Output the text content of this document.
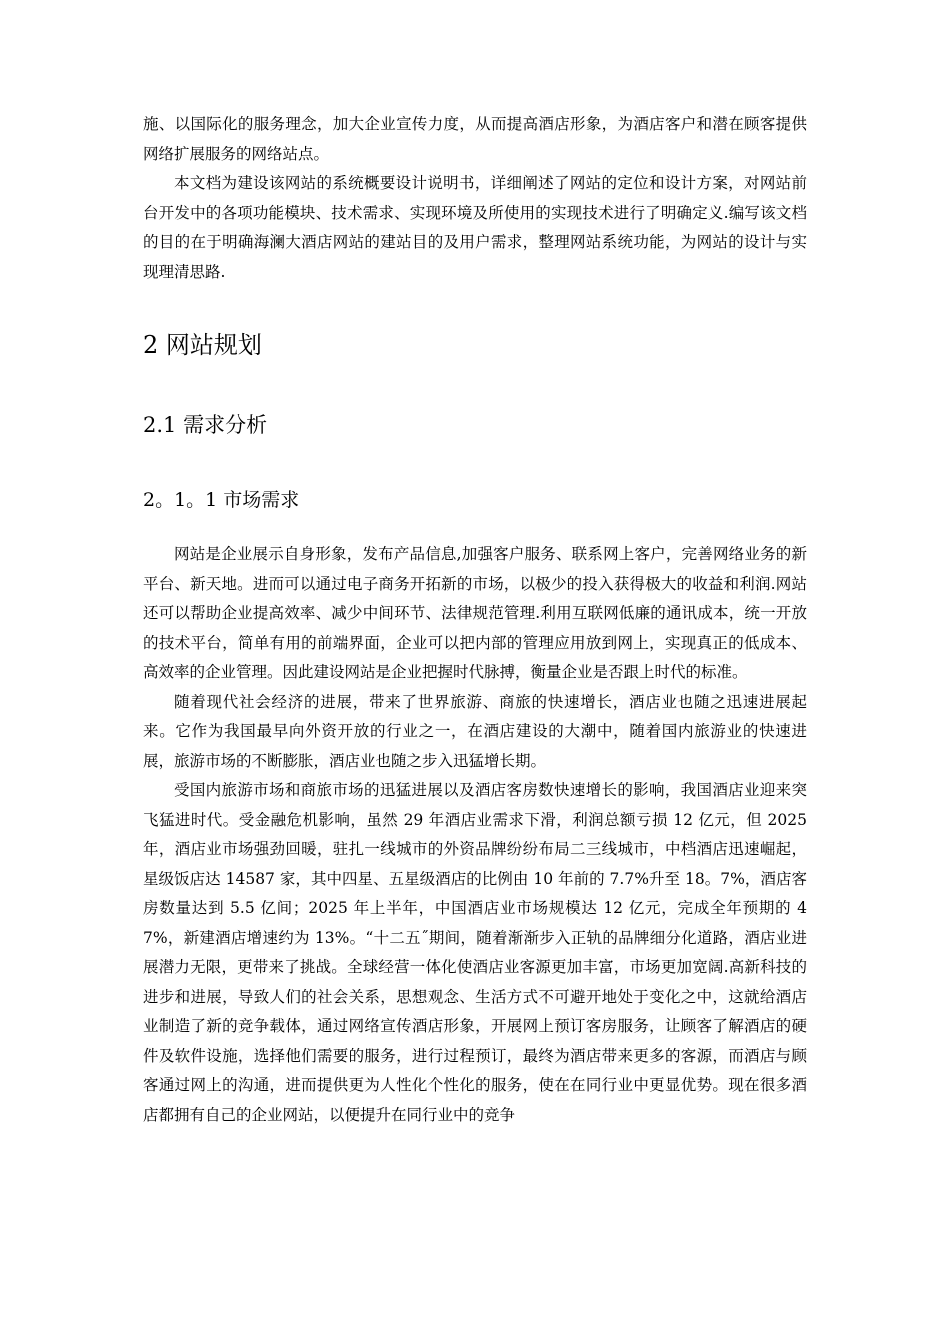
施、以国际化的服务理念，加大企业宣传力度，从而提高酒店形象，为酒店客户和潜在顾客提供网络扩展服务的网络站点。

本文档为建设该网站的系统概要设计说明书，详细阐述了网站的定位和设计方案，对网站前台开发中的各项功能模块、技术需求、实现环境及所使用的实现技术进行了明确定义.编写该文档的目的在于明确海澜大酒店网站的建站目的及用户需求，整理网站系统功能，为网站的设计与实现理清思路.

2 网站规划
2.1 需求分析
2。1。1 市场需求

网站是企业展示自身形象，发布产品信息,加强客户服务、联系网上客户，完善网络业务的新平台、新天地。进而可以通过电子商务开拓新的市场，以极少的投入获得极大的收益和利润.网站还可以帮助企业提高效率、减少中间环节、法律规范管理.利用互联网低廉的通讯成本，统一开放的技术平台，简单有用的前端界面，企业可以把内部的管理应用放到网上，实现真正的低成本、高效率的企业管理。因此建设网站是企业把握时代脉搏，衡量企业是否跟上时代的标准。

随着现代社会经济的进展，带来了世界旅游、商旅的快速增长，酒店业也随之迅速进展起来。它作为我国最早向外资开放的行业之一，在酒店建设的大潮中，随着国内旅游业的快速进展，旅游市场的不断膨胀，酒店业也随之步入迅猛增长期。

受国内旅游市场和商旅市场的迅猛进展以及酒店客房数快速增长的影响，我国酒店业迎来突飞猛进时代。受金融危机影响，虽然 29 年酒店业需求下滑，利润总额亏损 12 亿元，但 2025 年，酒店业市场强劲回暖，驻扎一线城市的外资品牌纷纷布局二三线城市，中档酒店迅速崛起，星级饭店达 14587 家，其中四星、五星级酒店的比例由 10 年前的 7.7%升至 18。7%，酒店客房数量达到 5.5 亿间；2025 年上半年，中国酒店业市场规模达 12 亿元，完成全年预期的 47%，新建酒店增速约为 13%。“十二五˝期间，随着渐渐步入正轨的品牌细分化道路，酒店业进展潜力无限，更带来了挑战。全球经营一体化使酒店业客源更加丰富，市场更加宽阔.高新科技的进步和进展，导致人们的社会关系，思想观念、生活方式不可避开地处于变化之中，这就给酒店业制造了新的竞争载体，通过网络宣传酒店形象，开展网上预订客房服务，让顾客了解酒店的硬件及软件设施，选择他们需要的服务，进行过程预订，最终为酒店带来更多的客源，而酒店与顾客通过网上的沟通，进而提供更为人性化个性化的服务，使在在同行业中更显优势。现在很多酒店都拥有自己的企业网站，以便提升在同行业中的竞争
